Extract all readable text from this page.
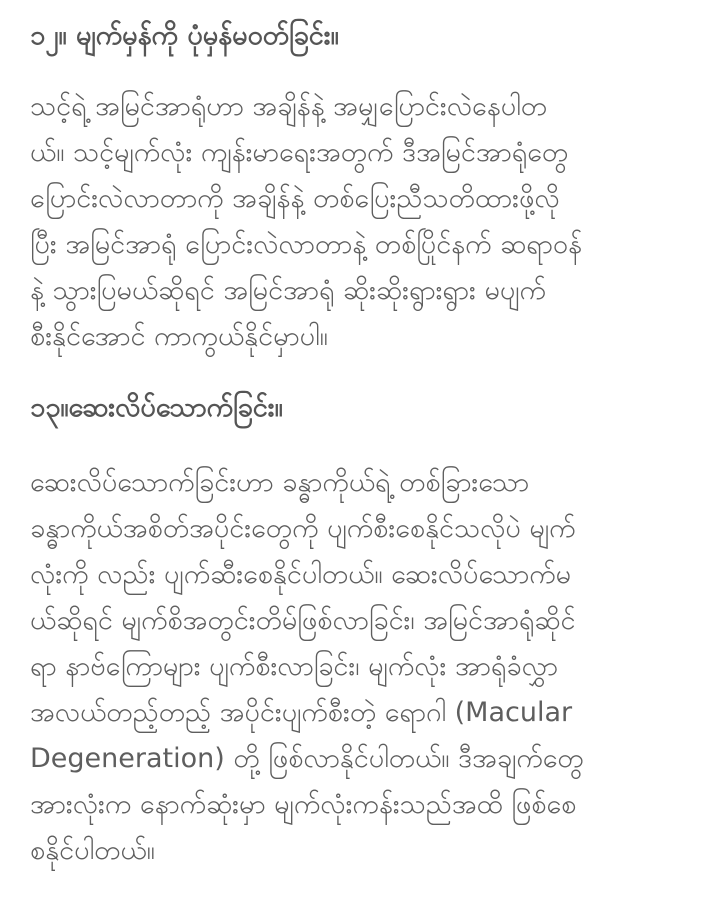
၁၂။ မျက်မှန်ကို ပုံမှန်မဝတ်ခြင်း။

သင့်ရဲ့ အမြင်အာရုံဟာ အချိန်နဲ့ အမျှပြောင်းလဲနေပါတ
ယ်။ သင့်မျက်လုံး ကျန်းမာရေးအတွက် ဒီအမြင်အာရုံတွေ
ပြောင်းလဲလာတာကို အချိန်နဲ့ တစ်ပြေးညီသတိထားဖို့လို
ပြီး အမြင်အာရုံ ပြောင်းလဲလာတာနဲ့ တစ်ပြိုင်နက် ဆရာဝန်
နဲ့ သွားပြမယ်ဆိုရင် အမြင်အာရုံ ဆိုးဆိုးရွားရွား မပျက်
စီးနိုင်အောင် ကာကွယ်နိုင်မှာပါ။

၁၃။ဆေးလိပ်သောက်ခြင်း။

ဆေးလိပ်သောက်ခြင်းဟာ ခန္ဓာကိုယ်ရဲ့ တစ်ခြားသော
ခန္ဓာကိုယ်အစိတ်အပိုင်းတွေကို ပျက်စီးစေနိုင်သလိုပဲ မျက်
လုံးကို လည်း ပျက်ဆီးစေနိုင်ပါတယ်။ ဆေးလိပ်သောက်မ
ယ်ဆိုရင် မျက်စိအတွင်းတိမ်ဖြစ်လာခြင်း၊ အမြင်အာရုံဆိုင်
ရာ နာဗ်ကြောများ ပျက်စီးလာခြင်း၊ မျက်လုံး အာရုံခံလွှာ
အလယ်တည့်တည့် အပိုင်းပျက်စီးတဲ့ ရောဂါ (Macular
Degeneration) တို့ ဖြစ်လာနိုင်ပါတယ်။ ဒီအချက်တွေ
အားလုံးက နောက်ဆုံးမှာ မျက်လုံးကန်းသည်အထိ ဖြစ်စေ
စနိုင်ပါတယ်။
